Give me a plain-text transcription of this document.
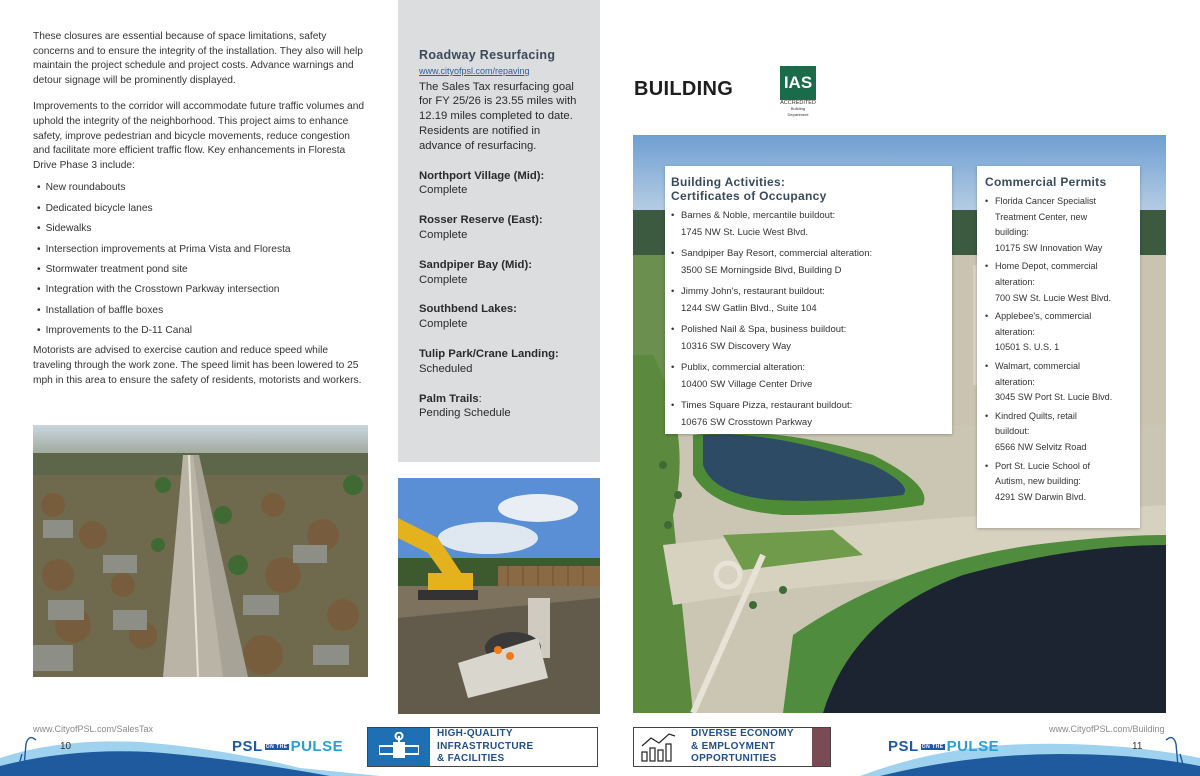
These closures are essential because of space limitations, safety concerns and to ensure the integrity of the installation. They also will help maintain the project schedule and project costs. Advance warnings and detour signage will be prominently displayed.

Improvements to the corridor will accommodate future traffic volumes and uphold the integrity of the neighborhood. This project aims to enhance safety, improve pedestrian and bicycle movements, reduce congestion and facilitate more efficient traffic flow. Key enhancements in Floresta Drive Phase 3 include:

• New roundabouts
• Dedicated bicycle lanes
• Sidewalks
• Intersection improvements at Prima Vista and Floresta
• Stormwater treatment pond site
• Integration with the Crosstown Parkway intersection
• Installation of baffle boxes
• Improvements to the D-11 Canal

Motorists are advised to exercise caution and reduce speed while traveling through the work zone. The speed limit has been lowered to 25 mph in this area to ensure the safety of residents, motorists and workers.

Roadway Resurfacing
www.cityofpsl.com/repaving
The Sales Tax resurfacing goal for FY 25/26 is 23.55 miles with 12.19 miles completed to date. Residents are notified in advance of resurfacing.
Northport Village (Mid):
Complete
Rosser Reserve (East):
Complete
Sandpiper Bay (Mid):
Complete
Southbend Lakes:
Complete
Tulip Park/Crane Landing:
Scheduled
Palm Trails:
Pending Schedule
BUILDING	IAS
ACCREDITED
Building Department
Building Activities:
Certificates of Occupancy
• Barnes & Noble, mercantile buildout:
1745 NW St. Lucie West Blvd.
• Sandpiper Bay Resort, commercial alteration:
3500 SE Morningside Blvd, Building D
• Jimmy John's, restaurant buildout:
1244 SW Gatlin Blvd., Suite 104
• Polished Nail & Spa, business buildout:
10316 SW Discovery Way
• Publix, commercial alteration:
10400 SW Village Center Drive
• Times Square Pizza, restaurant buildout:
10676 SW Crosstown Parkway
Commercial Permits
• Florida Cancer Specialist
Treatment Center, new
building:
10175 SW Innovation Way
• Home Depot, commercial
alteration:
700 SW St. Lucie West Blvd.
• Applebee's, commercial
alteration:
10501 S. U.S. 1
• Walmart, commercial
alteration:
3045 SW Port St. Lucie Blvd.
• Kindred Quilts, retail
buildout:
6566 NW Selvitz Road
• Port St. Lucie School of
Autism, new building:
4291 SW Darwin Blvd.
www.CityofPSL.com/SalesTax	www.CityofPSL.com/Building
10	11
PSL ON THE PULSE	PSL ON THE PULSE
HIGH-QUALITY
INFRASTRUCTURE
& FACILITIES
DIVERSE ECONOMY
& EMPLOYMENT
OPPORTUNITIES
